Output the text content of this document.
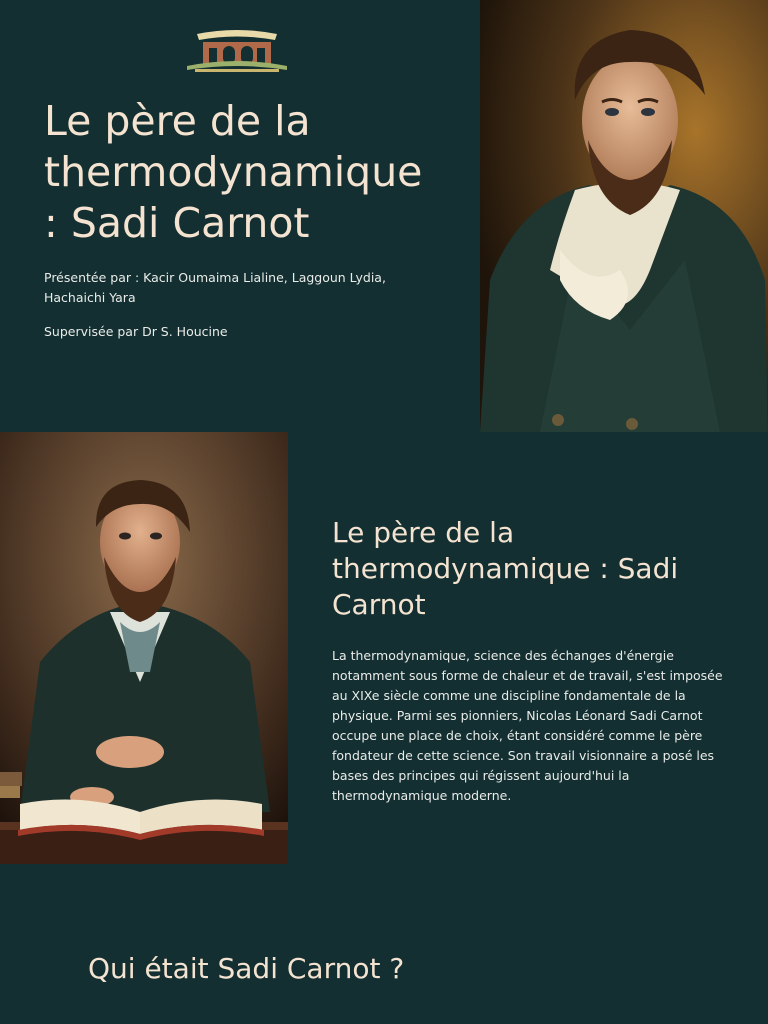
Le père de la thermodynamique : Sadi Carnot

Présentée par : Kacir Oumaima Lialine, Laggoun Lydia, Hachaichi Yara

Supervisée par Dr S. Houcine

Le père de la thermodynamique : Sadi Carnot

La thermodynamique, science des échanges d'énergie notamment sous forme de chaleur et de travail, s'est imposée au XIXe siècle comme une discipline fondamentale de la physique. Parmi ses pionniers, Nicolas Léonard Sadi Carnot occupe une place de choix, étant considéré comme le père fondateur de cette science. Son travail visionnaire a posé les bases des principes qui régissent aujourd'hui la thermodynamique moderne.

Qui était Sadi Carnot ?
